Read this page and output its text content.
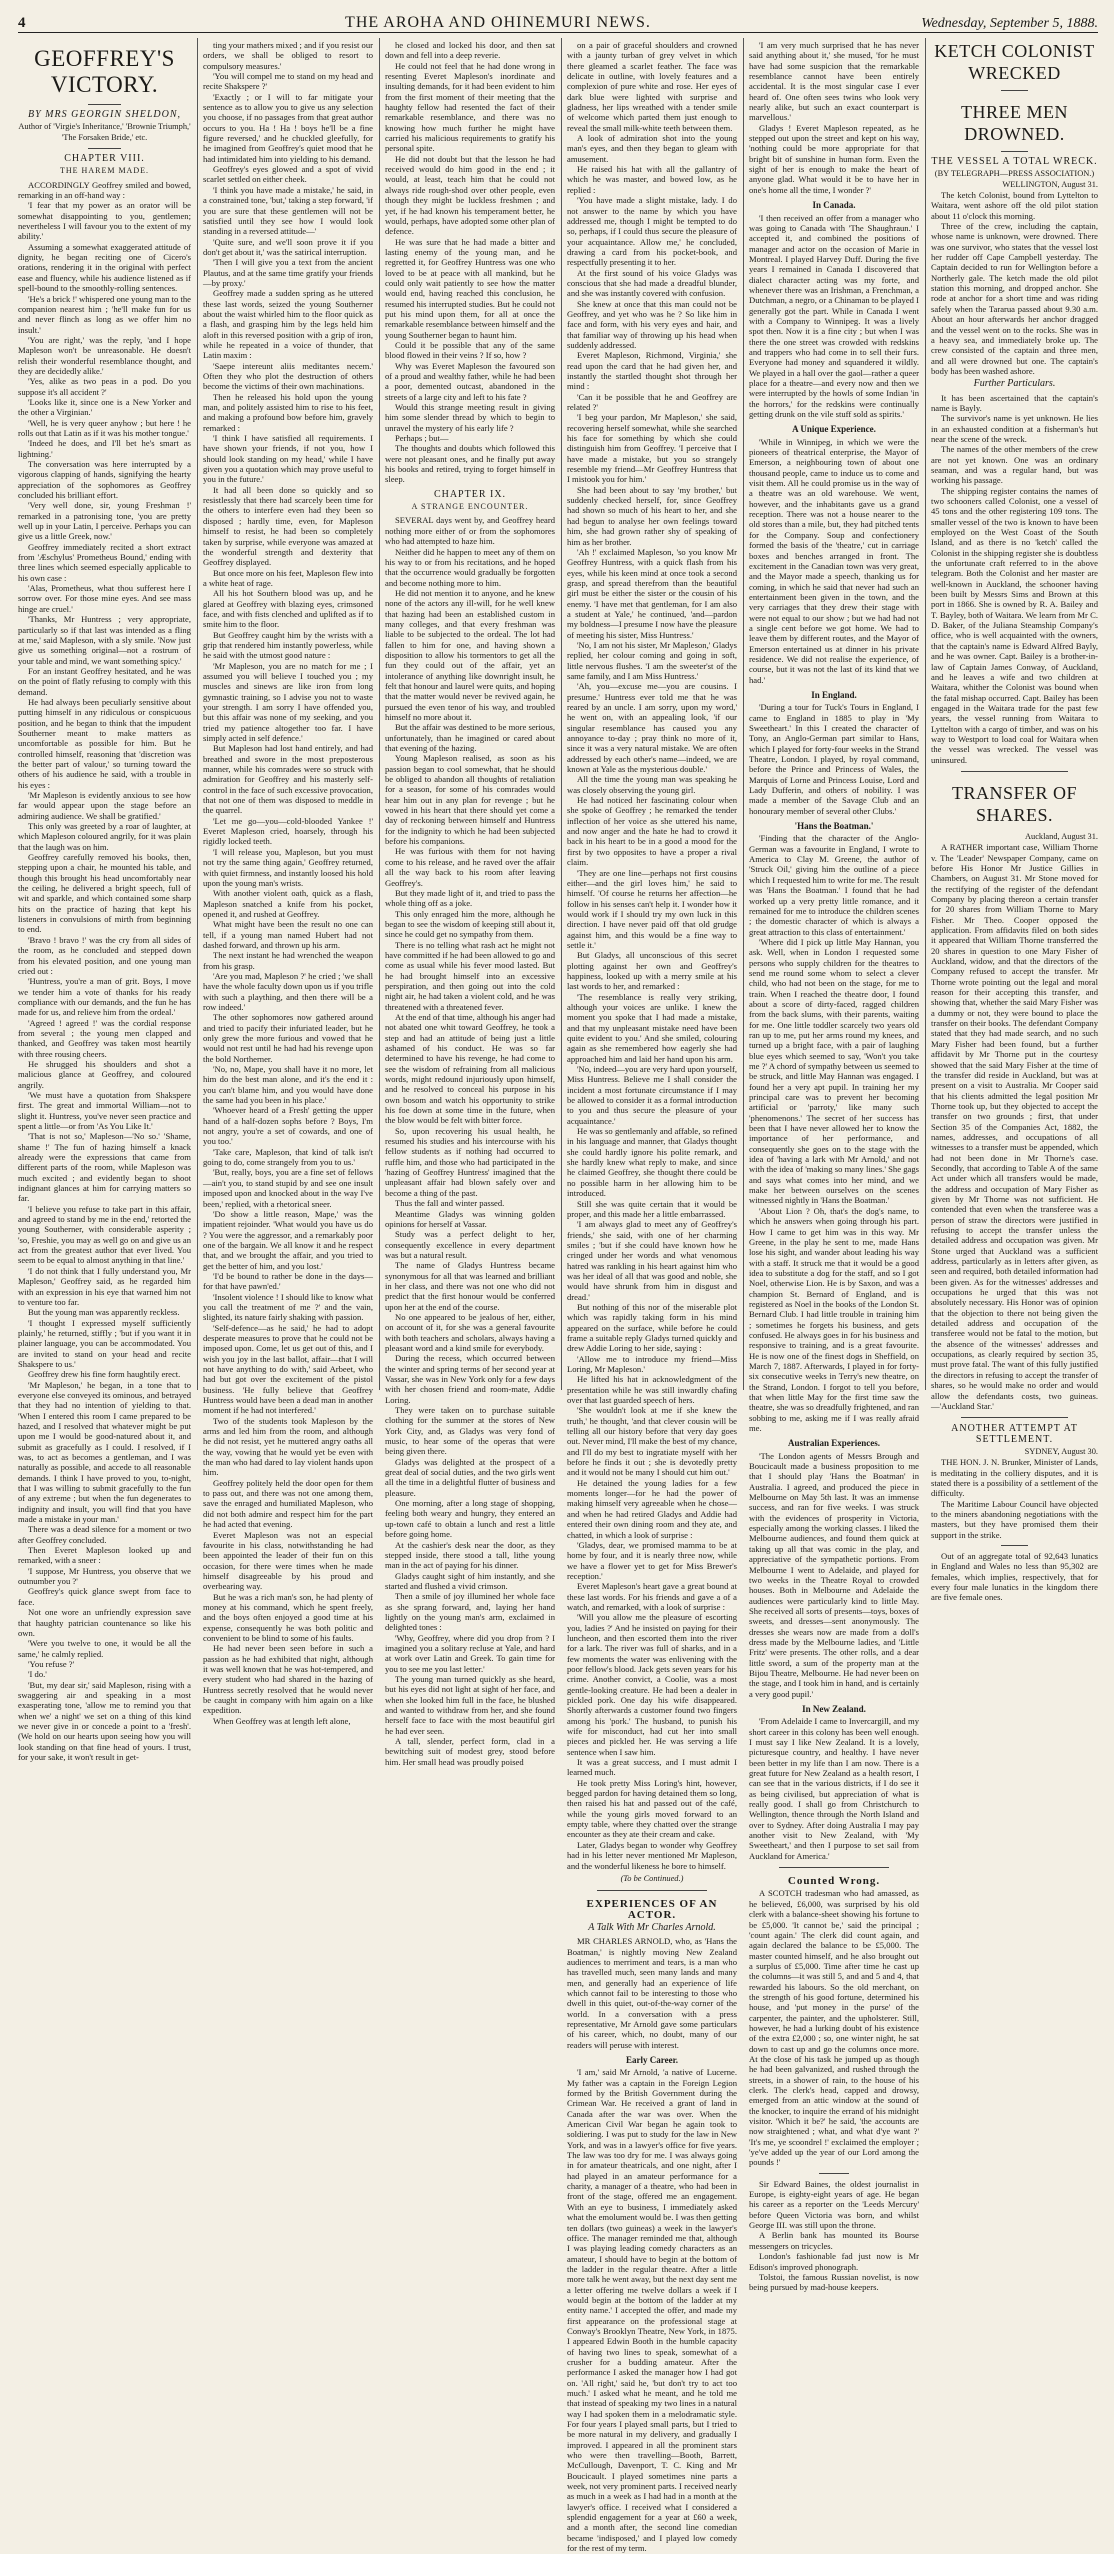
4	THE AROHA AND OHINEMURI NEWS.	Wednesday, September 5, 1888.
GEOFFREY'S VICTORY.
BY MRS GEORGIN SHELDON,

Author of 'Virgie's Inheritance,' 'Brownie Triumph,' 'The Forsaken Bride,' etc.

CHAPTER VIII.
THE HAREM MADE.

ACCORDINGLY Geoffrey smiled and bowed, remarking in an off-hand way :

'I fear that my power as an orator will be somewhat disappointing to you, gentlemen; nevertheless I will favour you to the extent of my ability.'

Assuming a somewhat exaggerated attitude of dignity, he began reciting one of Cicero's orations, rendering it in the original with perfect ease and fluency, while his audience listened as if spell-bound to the smoothly-rolling sentences.

'He's a brick !' whispered one young man to the companion nearest him ; 'he'll make fun for us and never flinch as long as we offer him no insult.'

'You are right,' was the reply, 'and I hope Mapleson won't be unreasonable. He doesn't relish their wonderful resemblance thought, and they are decidedly alike.'

'Yes, alike as two peas in a pod. Do you suppose it's all accident ?'

'Looks like it, since one is a New Yorker and the other a Virginian.'

'Well, he is very queer anyhow ; but here ! he rolls out that Latin as if it was his mother tongue.'

'Indeed he does, and I'll bet he's smart as lightning.'

The conversation was here interrupted by a vigorous clapping of hands, signifying the hearty appreciation of the sophomores as Geoffrey concluded his brilliant effort.

'Very well done, sir, young Freshman !' remarked in a patronising tone, 'you are pretty well up in your Latin, I perceive. Perhaps you can give us a little Greek, now.'

Geoffrey immediately recited a short extract from 'Æschylus' Prometheus Bound,' ending with three lines which seemed especially applicable to his own case :

'Alas, Prometheus, what thou sufferest here I sorrow over. For those mine eyes. And see mass hinge are cruel.'

'Thanks, Mr Huntress ; very appropriate, particularly so if that last was intended as a fling at me,' said Mapleson, with a sly smile. 'Now just give us something original—not a rostrum of your table and mind, we want something spicy.'

For an instant Geoffrey hesitated, and he was on the point of flatly refusing to comply with this demand.

He had always been peculiarly sensitive about putting himself in any ridiculous or conspicuous position, and he began to think that the impudent Southerner meant to make matters as uncomfortable as possible for him. But he controlled himself, reasoning that 'discretion was the better part of valour,' so turning toward the others of his audience he said, with a trouble in his eyes :

'Mr Mapleson is evidently anxious to see how far would appear upon the stage before an admiring audience. We shall be gratified.'

This only was greeted by a roar of laughter, at which Mapleson coloured angrily, for it was plain that the laugh was on him.

Geoffrey carefully removed his books, then, stepping upon a chair, he mounted his table, and though this brought his head uncomfortably near the ceiling, he delivered a bright speech, full of wit and sparkle, and which contained some sharp hits on the practice of hazing that kept his listeners in convulsions of mirth from beginning to end.

'Bravo ! bravo !' was the cry from all sides of the room, as he concluded and stepped down from his elevated position, and one young man cried out :

'Huntress, you're a man of grit. Boys, I move we tender him a vote of thanks for his ready compliance with our demands, and the fun he has made for us, and relieve him from the ordeal.'

'Agreed ! agreed !' was the cordial response from several ; the young men clapped and thanked, and Geoffrey was taken most heartily with three rousing cheers.

He shrugged his shoulders and shot a malicious glance at Geoffrey, and coloured angrily.

'We must have a quotation from Shakspere first. The great and immortal William—not to slight it. Huntress, you've never seen practice and spent a little—or from 'As You Like It.'

'That is not so,' Mapleson—'No so.' 'Shame, shame !' The fun of hazing himself a knack already were the expressions that came from different parts of the room, while Mapleson was much excited ; and evidently began to shoot indignant glances at him for carrying matters so far.

'I believe you refuse to take part in this affair, and agreed to stand by me in the end,' retorted the young Southerner, with considerable asperity ; 'so, Freshie, you may as well go on and give us an act from the greatest author that ever lived. You seem to be equal to almost anything in that line.'

'I do not think that I fully understand you, Mr Mapleson,' Geoffrey said, as he regarded him with an expression in his eye that warned him not to venture too far.

But the young man was apparently reckless.

'I thought I expressed myself sufficiently plainly,' he returned, stiffly ; 'but if you want it in plainer language, you can be accommodated. You are invited to stand on your head and recite Shakspere to us.'

Geoffrey drew his fine form haughtily erect.

'Mr Mapleson,' he began, in a tone that to everyone else conveyed its ominous, and betrayed that they had no intention of yielding to that. 'When I entered this room I came prepared to be hazed, and I resolved that whatever might be put upon me I would be good-natured about it, and submit as gracefully as I could. I resolved, if I was, to act as becomes a gentleman, and I was naturally as possible, and accede to all reasonable demands. I think I have proved to you, to-night, that I was willing to submit gracefully to the fun of any extreme ; but when the fun degenerates to indignity and insult, you will find that you have made a mistake in your man.'

There was a dead silence for a moment or two after Geoffrey concluded.

Then Everet Mapleson looked up and remarked, with a sneer :

'I suppose, Mr Huntress, you observe that we outnumber you ?'

Geoffrey's quick glance swept from face to face.

Not one wore an unfriendly expression save that haughty patrician countenance so like his own.

'Were you twelve to one, it would be all the same,' he calmly replied.

'You refuse ?'

'I do.'

'But, my dear sir,' said Mapleson, rising with a swaggering air and speaking in a most exasperating tone, 'allow me to remind you that when we' a night' we set on a thing of this kind we never give in or concede a point to a 'fresh'. (We hold on our hearts upon seeing how you will look standing on that fine head of yours. I trust, for your sake, it won't result in get-

ting your mathers mixed ; and if you resist our orders, we shall be obliged to resort to compulsory measures.'

'You will compel me to stand on my head and recite Shakspere ?'

'Exactly ; or I will to far mitigate your sentence as to allow you to give us any selection you choose, if no passages from that great author occurs to you. Ha ! Ha ! boys he'll be a fine figure reversed,' and he chuckled gleefully, for he imagined from Geoffrey's quiet mood that he had intimidated him into yielding to his demand.

Geoffrey's eyes glowed and a spot of vivid scarlet settled on either cheek.

'I think you have made a mistake,' he said, in a constrained tone, 'but,' taking a step forward, 'if you are sure that these gentlemen will not be satisfied until they see how I would look standing in a reversed attitude—'

'Quite sure, and we'll soon prove it if you don't get about it,' was the satirical interruption.

'Then I will give you a text from the ancient Plautus, and at the same time gratify your friends—by proxy.'

Geoffrey made a sudden spring as he uttered these last words, seized the young Southerner about the waist whirled him to the floor quick as a flash, and grasping him by the legs held him aloft in this reversed position with a grip of iron, while he repeated in a voice of thunder, that Latin maxim :

'Saepe intereunt aliis meditantes necem.' Often they who plot the destruction of others become the victims of their own machinations.

Then he released his hold upon the young man, and politely assisted him to rise to his feet, and making a profound bow before him, gravely remarked :

'I think I have satisfied all requirements. I have shown your friends, if not you, how I should look standing on my head,' while I have given you a quotation which may prove useful to you in the future.'

It had all been done so quickly and so resistlessly that there had scarcely been time for the others to interfere even had they been so disposed ; hardly time, even, for Mapleson himself to resist, he had been so completely taken by surprise, while everyone was amazed at the wonderful strength and dexterity that Geoffrey displayed.

But once more on his feet, Mapleson flew into a white heat of rage.

All his hot Southern blood was up, and he glared at Geoffrey with blazing eyes, crimsoned face, and with fists clenched and uplifted as if to smite him to the floor.

But Geoffrey caught him by the wrists with a grip that rendered him instantly powerless, while he said with the utmost good nature :

'Mr Mapleson, you are no match for me ; I assumed you will believe I touched you ; my muscles and sinews are like iron from long gymnastic training, so I advise you not to waste your strength. I am sorry I have offended you, but this affair was none of my seeking, and you tried my patience altogether too far. I have simply acted in self defence.'

But Mapleson had lost hand entirely, and had breathed and swore in the most preposterous manner, while his comrades were so struck with admiration for Geoffrey and his masterly self-control in the face of such excessive provocation, that not one of them was disposed to meddle in the quarrel.

'Let me go—you—cold-blooded Yankee !' Everet Mapleson cried, hoarsely, through his rigidly locked teeth.

'I will release you, Mapleson, but you must not try the same thing again,' Geoffrey returned, with quiet firmness, and instantly loosed his hold upon the young man's wrists.

With another violent oath, quick as a flash, Mapleson snatched a knife from his pocket, opened it, and rushed at Geoffrey.

What might have been the result no one can tell, if a young man named Hubert had not dashed forward, and thrown up his arm.

The next instant he had wrenched the weapon from his grasp.

'Are you mad, Mapleson ?' he cried ; 'we shall have the whole faculty down upon us if you trifle with such a plaything, and then there will be a row indeed.'

The other sophomores now gathered around and tried to pacify their infuriated leader, but he only grew the more furious and vowed that he would not rest until he had had his revenge upon the bold Northerner.

'No, no, Mape, you shall have it no more, let him do the best man alone, and it's the end it : you can't blame him, and you would have done the same had you been in his place.'

'Whoever heard of a Fresh' getting the upper hand of a half-dozen sophs before ? Boys, I'm not angry, you're a set of cowards, and one of you too.'

'Take care, Mapleson, that kind of talk isn't going to do, come strangely from you to us.'

'But, really, boys, you are a fine set of fellows—ain't you, to stand stupid by and see one insult imposed upon and knocked about in the way I've been,' replied, with a rhetorical sneer.

'Do show a little reason, Mape,' was the impatient rejoinder. 'What would you have us do ? You were the aggressor, and a remarkably poor one of the bargain. We all know it and he respect that, and we brought the affair, and you tried to get the better of him, and you lost.'

'I'd be bound to rather be done in the days—for that have pawn'ed.'

'Insolent violence ! I should like to know what you call the treatment of me ?' and the vain, slighted, its nature fairly shaking with passion.

'Self-defence—as he said,' he had to adopt desperate measures to prove that he could not be imposed upon. Come, let us get out of this, and I wish you joy in the last ballot, affair—that I will not have anything to do with,' said Arbeet, who had but got over the excitement of the pistol business. 'He fully believe that Geoffrey Huntress would have been a dead man in another moment if he had not interfered.'

Two of the students took Mapleson by the arms and led him from the room, and although he did not resist, yet he muttered angry oaths all the way, vowing that he would yet be even with the man who had dared to lay violent hands upon him.

Geoffrey politely held the door open for them to pass out, and there was not one among them, save the enraged and humiliated Mapleson, who did not both admire and respect him for the part he had acted that evening.

Everet Mapleson was not an especial favourite in his class, notwithstanding he had been appointed the leader of their fun on this occasion, for there were times when he made himself disagreeable by his proud and overbearing way.

But he was a rich man's son, he had plenty of money at his command, which he spent freely, and the boys often enjoyed a good time at his expense, consequently he was both politic and convenient to be blind to some of his faults.

He had never been seen before in such a passion as he had exhibited that night, although it was well known that he was hot-tempered, and every student who had shared in the hazing of Huntress secretly resolved that he would never be caught in company with him again on a like expedition.

When Geoffrey was at length left alone,

he closed and locked his door, and then sat down and fell into a deep reverie.

He could not feel that he had done wrong in resenting Everet Mapleson's inordinate and insulting demands, for it had been evident to him from the first moment of their meeting that the haughty fellow had resented the fact of their remarkable resemblance, and there was no knowing how much further he might have carried his malicious requirements to gratify his personal spite.

He did not doubt but that the lesson he had received would do him good in the end ; it would, at least, teach him that he could not always ride rough-shod over other people, even though they might be luckless freshmen ; and yet, if he had known his temperament better, he would, perhaps, have adopted some other plan of defence.

He was sure that he had made a bitter and lasting enemy of the young man, and he regretted it, for Geoffrey Huntress was one who loved to be at peace with all mankind, but he could only wait patiently to see how the matter would end, having reached this conclusion, he resumed his interrupted studies. But he could not put his mind upon them, for all at once the remarkable resemblance between himself and the young Southerner began to haunt him.

Could it be possible that any of the same blood flowed in their veins ? If so, how ?

Why was Everet Mapleson the favoured son of a proud and wealthy father, while he had been a poor, demented outcast, abandoned in the streets of a large city and left to his fate ?

Would this strange meeting result in giving him some slender thread by which to begin to unravel the mystery of his early life ?

Perhaps ; but—

The thoughts and doubts which followed this were not pleasant ones, and he finally put away his books and retired, trying to forget himself in sleep.

CHAPTER IX.
A STRANGE ENCOUNTER.

SEVERAL days went by, and Geoffrey heard nothing more either of or from the sophomores who had attempted to haze him.

Neither did he happen to meet any of them on his way to or from his recitations, and he hoped that the occurrence would gradually be forgotten and become nothing more to him.

He did not mention it to anyone, and he knew none of the actors any ill-will, for he well knew that hazing had been an established custom in many colleges, and that every freshman was liable to be subjected to the ordeal. The lot had fallen to him for one, and having shown a disposition to allow his tormentors to get all the fun they could out of the affair, yet an intolerance of anything like downright insult, he felt that honour and laurel were quits, and hoping that the matter would never be revived again, he pursued the even tenor of his way, and troubled himself no more about it.

But the affair was destined to be more serious, unfortunately, than he imagined or cared about that evening of the hazing.

Young Mapleson realised, as soon as his passion began to cool somewhat, that he should be obliged to abandon all thoughts of retaliation for a season, for some of his comrades would hear him out in any plan for revenge ; but he vowed in his heart that there should yet come a day of reckoning between himself and Huntress for the indignity to which he had been subjected before his companions.

He was furious with them for not having come to his release, and he raved over the affair all the way back to his room after leaving Geoffrey's.

But they made light of it, and tried to pass the whole thing off as a joke.

This only enraged him the more, although he began to see the wisdom of keeping still about it, since he could get no sympathy from them.

There is no telling what rash act he might not have committed if he had been allowed to go and come as usual while his fever mood lasted. But he had brought himself into an excessive perspiration, and then going out into the cold night air, he had taken a violent cold, and he was threatened with a threatened fever.

At the end of that time, although his anger had not abated one whit toward Geoffrey, he took a step and had an attitude of being just a little ashamed of his conduct. He was so far determined to have his revenge, he had come to see the wisdom of refraining from all malicious words, might redound injuriously upon himself, and he resolved to conceal his purpose in his own bosom and watch his opportunity to strike his foe down at some time in the future, when the blow would be felt with bitter force.

So, upon recovering his usual health, he resumed his studies and his intercourse with his fellow students as if nothing had occurred to ruffle him, and those who had participated in the 'hazing of Geoffrey Huntress' imagined that the unpleasant affair had blown safely over and become a thing of the past.

Thus the fall and winter passed.

Meantime Gladys was winning golden opinions for herself at Vassar.

Study was a perfect delight to her, consequently excellence in every department was but a natural result.

The name of Gladys Huntress became synonymous for all that was learned and brilliant in her class, and there was not one who did not predict that the first honour would be conferred upon her at the end of the course.

No one appeared to be jealous of her, either, on account of it, for she was a general favourite with both teachers and scholars, always having a pleasant word and a kind smile for everybody.

During the recess, which occurred between the winter and spring terms of her second year at Vassar, she was in New York only for a few days with her chosen friend and room-mate, Addie Loring.

They were taken on to purchase suitable clothing for the summer at the stores of New York City, and, as Gladys was very fond of music, to hear some of the operas that were being given there.

Gladys was delighted at the prospect of a great deal of social duties, and the two girls went all the time in a delightful flutter of business and pleasure.

One morning, after a long stage of shopping, feeling both weary and hungry, they entered an up-town café to obtain a lunch and rest a little before going home.

At the cashier's desk near the door, as they stepped inside, there stood a tall, lithe young man in the act of paying for his dinner.

Gladys caught sight of him instantly, and she started and flushed a vivid crimson.

Then a smile of joy illumined her whole face as she sprang forward, and, laying her hand lightly on the young man's arm, exclaimed in delighted tones :

'Why, Geoffrey, where did you drop from ? I imagined you a solitary recluse at Yale, and hard at work over Latin and Greek. To gain time for you to see me you last letter.'

The young man turned quickly as she heard, but his eyes did not light at sight of her face, and when she looked him full in the face, he blushed and wanted to withdraw from her, and she found herself face to face with the most beautiful girl he had ever seen.

A tall, slender, perfect form, clad in a bewitching suit of modest grey, stood before him. Her small head was proudly poised

on a pair of graceful shoulders and crowned with a jaunty turban of grey velvet in which there gleamed a scarlet feather. The face was delicate in outline, with lovely features and a complexion of pure white and rose. Her eyes of dark blue were lighted with surprise and gladness, her lips wreathed with a tender smile of welcome which parted them just enough to reveal the small milk-white teeth between them.

A look of admiration shot into the young man's eyes, and then they began to gleam with amusement.

He raised his hat with all the gallantry of which he was master, and bowed low, as he replied :

'You have made a slight mistake, lady. I do not answer to the name by which you have addressed me, though I might be tempted to do so, perhaps, if I could thus secure the pleasure of your acquaintance. Allow me,' he concluded, drawing a card from his pocket-book, and respectfully presenting it to her.

At the first sound of his voice Gladys was conscious that she had made a dreadful blunder, and she was instantly covered with confusion.

She knew at once that this man could not be Geoffrey, and yet who was he ? So like him in face and form, with his very eyes and hair, and that familiar way of throwing up his head when suddenly addressed.

Everet Mapleson, Richmond, Virginia,' she read upon the card that he had given her, and instantly the startled thought shot through her mind :

'Can it be possible that he and Geoffrey are related ?'

'I beg your pardon, Mr Mapleson,' she said, recovering herself somewhat, while she searched his face for something by which she could distinguish him from Geoffrey. 'I perceive that I have made a mistake, but you so strangely resemble my friend—Mr Geoffrey Huntress that I mistook you for him.'

She had been about to say 'my brother,' but suddenly checked herself, for, since Geoffrey had shown so much of his heart to her, and she had begun to analyse her own feelings toward him, she had grown rather shy of speaking of him as her brother.

'Ah !' exclaimed Mapleson, 'so you know Mr Geoffrey Huntress, with a quick flash from his eyes, while his keen mind at once took a second grasp, and spread therefrom than the beautiful girl must be either the sister or the cousin of his enemy. 'I have met that gentleman, for I am also a student at Yale,' he continued, 'and—pardon my boldness—I presume I now have the pleasure of meeting his sister, Miss Huntress.'

'No, I am not his sister, Mr Mapleson,' Gladys replied, her colour coming and going in soft, little nervous flushes. 'I am the sweeter'st of the same family, and I am Miss Huntress.'

'Ah, you—excuse me—you are cousins. I presume.' Huntress ever told me that he was reared by an uncle. I am sorry, upon my word,' he went on, with an appealing look, 'if our singular resemblance has caused you any annoyance to-day ; pray think no more of it, since it was a very natural mistake. We are often addressed by each other's name—indeed, we are known at Yale as the mysterious double.'

All the time the young man was speaking he was closely observing the young girl.

He had noticed her fascinating colour when she spoke of Geoffrey ; he remarked the tender inflection of her voice as she uttered his name, and now anger and the hate he had to crowd it back in his heart to be in a good a mood for the first by two opposites to have a proper a rival claim.

'They are one line—perhaps not first cousins either—and the girl loves him,' he said to himself. 'Of course he returns her affection—he follow in his senses can't help it. I wonder how it would work if I should try my own luck in this direction. I have never paid off that old grudge against him, and this would be a fine way to settle it.'

But Gladys, all unconscious of this secret plotting against her own and Geoffrey's happiness, looked up with a merry smile at his last words to her, and remarked :

'The resemblance is really very striking, although your voices are unlike. I knew the moment you spoke that I had made a mistake, and that my unpleasant mistake need have been quite evident to you.' And she smiled, colouring again as she remembered how eagerly she had approached him and laid her hand upon his arm.

'No, indeed—you are very hard upon yourself, Miss Huntress. Believe me I shall consider the incident a most fortunate circumstance if I may be allowed to consider it as a formal introduction to you and thus secure the pleasure of your acquaintance.'

He was so gentlemanly and affable, so refined in his language and manner, that Gladys thought she could hardly ignore his polite remark, and she hardly knew what reply to make, and since he claimed Geoffrey, she thought there could be no possible harm in her allowing him to be introduced.

Still she was quite certain that it would be proper, and this made her a little embarrassed.

'I am always glad to meet any of Geoffrey's friends,' she said, with one of her charming smiles ; 'but if she could have known how he cringed under her words and what venomous hatred was rankling in his heart against him who was her ideal of all that was good and noble, she would have shrunk from him in disgust and dread.'

But nothing of this nor of the miserable plot which was rapidly taking form in his mind appeared on the surface, while before he could frame a suitable reply Gladys turned quickly and drew Addie Loring to her side, saying :

'Allow me to introduce my friend—Miss Loring, Mr Mapleson.'

He lifted his hat in acknowledgment of the presentation while he was still inwardly chafing over that last guarded speech of hers.

'She wouldn't look at me if she knew the truth,' he thought, 'and that clever cousin will be telling all our history before that very day goes out. Never mind, I'll make the best of my chance, and I'll do my best to ingratiate myself with her before he finds it out ; she is devotedly pretty and it would not be many I should cut him out.'

He detained the young ladies for a few moments longer—for he had the power of making himself very agreeable when he chose—and when he had retired Gladys and Addie had entered their own dining room and they ate, and chatted, in which a look of surprise :

'Gladys, dear, we promised mamma to be at home by four, and it is nearly three now, while we have a flower yet to get for Miss Brewer's reception.'

Everet Mapleson's heart gave a great bound at these last words. For his friends and gave a of a watch, and remarked, with a look of surprise :

'Will you allow me the pleasure of escorting you, ladies ?' And he insisted on paying for their luncheon, and then escorted them into the river for a lark. The river was full of sharks, and in a few moments the water was enlivening with the poor fellow's blood. Jack gets seven years for his crime. Another convict, a Coolie, was a most gentle-looking creature. He had been a dealer in pickled pork. One day his wife disappeared. Shortly afterwards a customer found two fingers among his 'pork.' The husband, to punish his wife for misconduct, had cut her into small pieces and pickled her. He was serving a life sentence when I saw him.

It was a great success, and I must admit I learned much.

He took pretty Miss Loring's hint, however, begged pardon for having detained them so long, then raised his hat and passed out of the café, while the young girls moved forward to an empty table, where they chatted over the strange encounter as they ate their cream and cake.

Later, Gladys began to wonder why Geoffrey had in his letter never mentioned Mr Mapleson, and the wonderful likeness he bore to himself.

(To be Continued.)
EXPERIENCES OF AN ACTOR.
A Talk With Mr Charles Arnold.

MR CHARLES ARNOLD, who, as 'Hans the Boatman,' is nightly moving New Zealand audiences to merriment and tears, is a man who has travelled much, seen many lands and many men, and generally had an experience of life which cannot fail to be interesting to those who dwell in this quiet, out-of-the-way corner of the world. In a conversation with a press representative, Mr Arnold gave some particulars of his career, which, no doubt, many of our readers will peruse with interest.

Early Career.

'I am,' said Mr Arnold, 'a native of Lucerne. My father was a captain in the Foreign Legion formed by the British Government during the Crimean War. He received a grant of land in Canada after the war was over. When the American Civil War began he again took to soldiering. I was put to study for the law in New York, and was in a lawyer's office for five years. The law was too dry for me. I was always going in for amateur theatricals, and one night, after I had played in an amateur performance for a charity, a manager of a theatre, who had been in front of the stage, offered me an engagement. With an eye to business, I immediately asked what the emolument would be. I was then getting ten dollars (two guineas) a week in the lawyer's office. The manager reminded me that, although I was playing leading comedy characters as an amateur, I should have to begin at the bottom of the ladder in the regular theatre. After a little more talk he went away, but the next day sent me a letter offering me twelve dollars a week if I would begin at the bottom of the ladder at my entity name.' I accepted the offer, and made my first appearance on the professional stage at Conway's Brooklyn Theatre, New York, in 1875. I appeared Edwin Booth in the humble capacity of having two lines to speak, somewhat of a crusher for a budding amateur. After the performance I asked the manager how I had got on. 'All right,' said he, 'but don't try to act too much.' I asked what he meant, and he told me that instead of speaking my two lines in a natural way I had spoken them in a melodramatic style. For four years I played small parts, but I tried to be more natural in my delivery, and gradually I improved. I appeared in all the prominent stars who were then travelling—Booth, Barrett, McCullough, Davenport, T. C. King and Mr Boucicault. I played sometimes nine parts a week, not very prominent parts. I received nearly as much in a week as I had had in a month at the lawyer's office. I received what I considered a splendid engagement for a year at £60 a week, and a month after, the second line comedian became 'indisposed,' and I played low comedy for the rest of my term.

'I am very much surprised that he has never said anything about it,' she mused, 'for he must have had some suspicion that the remarkable resemblance cannot have been entirely accidental. It is the most singular case I ever heard of. One often sees twins who look very nearly alike, but such an exact counterpart is marvellous.'

Gladys ! Everet Mapleson repeated, as he stepped out upon the street and kept on his way, 'nothing could be more appropriate for that bright bit of sunshine in human form. Even the sight of her is enough to make the heart of anyone glad. What would it be to have her in one's home all the time, I wonder ?'

In Canada.

'I then received an offer from a manager who was going to Canada with 'The Shaughraun.' I accepted it, and combined the positions of manager and actor on the occasion of Marie in Montreal. I played Harvey Duff. During the five years I remained in Canada I discovered that dialect character acting was my forte, and whenever there was an Irishman, a Frenchman, a Dutchman, a negro, or a Chinaman to be played I generally got the part. While in Canada I went with a Company to Winnipeg. It was a lively spot then. Now it is a fine city ; but when I was there the one street was crowded with redskins and trappers who had come in to sell their furs. Everyone had money and squandered it wildly. We played in a hall over the gaol—rather a queer place for a theatre—and every now and then we were interrupted by the howls of some Indian 'in the horrors,' for the redskins were continually getting drunk on the vile stuff sold as spirits.'

A Unique Experience.

'While in Winnipeg, in which we were the pioneers of theatrical enterprise, the Mayor of Emerson, a neighbouring town of about one thousand people, came to induce us to come and visit them. All he could promise us in the way of a theatre was an old warehouse. We went, however, and the inhabitants gave us a grand reception. There was not a house nearer to the old stores than a mile, but, they had pitched tents for the Company. Soup and confectionery formed the basis of the 'theatre,' cut in carriage boxes and benches arranged in front. The excitement in the Canadian town was very great, and the Mayor made a speech, thanking us for coming, in which he said that never had such an entertainment been given in the town, and the very carriages that they drew their stage with were not equal to our show ; but we had had not a single cent before we got home. We had to leave them by different routes, and the Mayor of Emerson entertained us at dinner in his private residence. We did not realise the experience, of course, but it was not the last of its kind that we had.'

In England.

'During a tour for Tuck's Tours in England, I came to England in 1885 to play in 'My Sweetheart.' In this I created the character of Tony, an Anglo-German part similar to Hans, which I played for forty-four weeks in the Strand Theatre, London. I played, by royal command, before the Prince and Princess of Wales, the Marquis of Lorne and Princess Louise, Lord and Lady Dufferin, and others of nobility. I was made a member of the Savage Club and an honourary member of several other Clubs.'

'Hans the Boatman.'

'Finding that the character of the Anglo-German was a favourite in England, I wrote to America to Clay M. Greene, the author of 'Struck Oil,' giving him the outline of a piece which I requested him to write for me. The result was 'Hans the Boatman.' I found that he had worked up a very pretty little romance, and it remained for me to introduce the children scenes ; the domestic character of which is always a great attraction to this class of entertainment.'

'Where did I pick up little May Hannan, you ask. Well, when in London I requested some persons who supply children for the theatres to send me round some whom to select a clever child, who had not been on the stage, for me to train. When I reached the theatre door, I found about a score of dirty-faced, ragged children from the back slums, with their parents, waiting for me. One little toddler scarcely two years old ran up to me, put her arms round my knees, and turned up a bright face, with a pair of laughing blue eyes which seemed to say, 'Won't you take me ?' A chord of sympathy between us seemed to be struck, and little May Hannan was engaged. I found her a very apt pupil. In training her my principal care was to prevent her becoming artificial or 'parroty,' like many such 'phenomenons.' The secret of her success has been that I have never allowed her to know the importance of her performance, and consequently she goes on to the stage with the idea of 'having a lark with Mr Arnold,' and not with the idea of 'making so many lines.' She gags and says what comes into her mind, and we make her between ourselves on the scenes witnessed nightly in 'Hans the Boatman.'

'About Lion ? Oh, that's the dog's name, to which he answers when going through his part. How I came to get him was in this way. Mr Greene, in the play he sent to me, made Hans lose his sight, and wander about leading his way with a staff. It struck me that it would be a good idea to substitute a dog for the staff, and so I got Noel, otherwise Lion. He is by Saxon, and was a champion St. Bernard of England, and is registered as Noel in the books of the London St. Bernard Club. I had little trouble in training him ; sometimes he forgets his business, and gets confused. He always goes in for his business and responsive to training, and is a great favourite. He is now one of the finest dogs in Sheffield, on March 7, 1887. Afterwards, I played in for forty-six consecutive weeks in Terry's new theatre, on the Strand, London. I forgot to tell you before, that when little May for the first time saw the theatre, she was so dreadfully frightened, and ran sobbing to me, asking me if I was really afraid me.

Australian Experiences.

'The London agents of Messrs Brough and Boucicault made a business proposition to me that I should play 'Hans the Boatman' in Australia. I agreed, and produced the piece in Melbourne on May 5th last. It was an immense success, and ran for five weeks. I was struck with the evidences of prosperity in Victoria, especially among the working classes. I liked the Melbourne audiences, and found them quick at taking up all that was comic in the play, and appreciative of the sympathetic portions. From Melbourne I went to Adelaide, and played for two weeks in the Theatre Royal to crowded houses. Both in Melbourne and Adelaide the audiences were particularly kind to little May. She received all sorts of presents—toys, boxes of sweets, and dresses—sent anonymously. The dresses she wears now are made from a doll's dress made by the Melbourne ladies, and 'Little Fritz' were presents. The other rolls, and a dear little sword, a sum of the property man at the Bijou Theatre, Melbourne. He had never been on the stage, and I took him in hand, and is certainly a very good pupil.'

In New Zealand.

'From Adelaide I came to Invercargill, and my short career in this colony has been well enough. I must say I like New Zealand. It is a lovely, picturesque country, and healthy. I have never been better in my life than I am now. There is a great future for New Zealand as a health resort, I can see that in the various districts, if I do see it as being civilised, but appreciation of what is really good. I shall go from Christchurch to Wellington, thence through the North Island and over to Sydney. After doing Australia I may pay another visit to New Zealand, with 'My Sweetheart,' and then I purpose to set sail from Auckland for America.'

Counted Wrong.

A SCOTCH tradesman who had amassed, as he believed, £6,000, was surprised by his old clerk with a balance-sheet showing his fortune to be £5,000. 'It cannot be,' said the principal ; 'count again.' The clerk did count again, and again declared the balance to be £5,000. The master counted himself, and he also brought out a surplus of £5,000. Time after time he cast up the columns—it was still 5, and and 5 and 4, that rewarded his labours. So the old merchant, on the strength of his good fortune, determined his house, and 'put money in the purse' of the carpenter, the painter, and the upholsterer. Still, however, he had a lurking doubt of his existence of the extra £2,000 ; so, one winter night, he sat down to cast up and go the columns once more. At the close of his task he jumped up as though he had been galvanized, and rushed through the streets, in a shower of rain, to the house of his clerk. The clerk's head, capped and drowsy, emerged from an attic window at the sound of the knocker, to inquire the errand of his midnight visitor. 'Which it be?' he said, 'the accounts are now straightened ; what, and what d'ye want ?' 'It's me, ye scoondrel !' exclaimed the employer ; 'ye've added up the year of our Lord among the pounds !'

Sir Edward Baines, the oldest journalist in Europe, is eighty-eight years of age. He began his career as a reporter on the 'Leeds Mercury' before Queen Victoria was born, and whilst George III. was still upon the throne.

A Berlin bank has mounted its Bourse messengers on tricycles.

London's fashionable fad just now is Mr Edison's improved phonograph.

Tolstoi, the famous Russian novelist, is now being pursued by mad-house keepers.

KETCH COLONIST WRECKED
THREE MEN DROWNED.
THE VESSEL A TOTAL WRECK.

(BY TELEGRAPH—PRESS ASSOCIATION.)

WELLINGTON, August 31.

The ketch Colonist, bound from Lyttelton to Waitara, went ashore off the old pilot station about 11 o'clock this morning.

Three of the crew, including the captain, whose name is unknown, were drowned. There was one survivor, who states that the vessel lost her rudder off Cape Campbell yesterday. The Captain decided to run for Wellington before a Northerly gale. The ketch made the old pilot station this morning, and dropped anchor. She rode at anchor for a short time and was riding safely when the Tararua passed about 9.30 a.m. About an hour afterwards her anchor dragged and the vessel went on to the rocks. She was in a heavy sea, and immediately broke up. The crew consisted of the captain and three men, and all were drowned but one. The captain's body has been washed ashore.

Further Particulars.

It has been ascertained that the captain's name is Bayly.

The survivor's name is yet unknown. He lies in an exhausted condition at a fisherman's hut near the scene of the wreck.

The names of the other members of the crew are not yet known. One was an ordinary seaman, and was a regular hand, but was working his passage.

The shipping register contains the names of two schooners called Colonist, one a vessel of 45 tons and the other registering 109 tons. The smaller vessel of the two is known to have been employed on the West Coast of the South Island, and as there is no 'ketch' called the Colonist in the shipping register she is doubtless the unfortunate craft referred to in the above telegram. Both the Colonist and her master are well-known in Auckland, the schooner having been built by Messrs Sims and Brown at this port in 1866. She is owned by R. A. Bailey and T. Bayley, both of Waitara. We learn from Mr C. D. Baker, of the Juliana Steamship Company's office, who is well acquainted with the owners, that the captain's name is Edward Alfred Bayly, and he was owner. Capt. Bailey is a brother-in-law of Captain James Conway, of Auckland, and he leaves a wife and two children at Waitara, whither the Colonist was bound when the fatal mishap occurred. Capt. Bailey has been engaged in the Waitara trade for the past few years, the vessel running from Waitara to Lyttelton with a cargo of timber, and was on his way to Westport to load coal for Waitara when the vessel was wrecked. The vessel was uninsured.

TRANSFER OF SHARES.

Auckland, August 31.

A RATHER important case, William Thorne v. The 'Leader' Newspaper Company, came on before His Honor Mr Justice Gillies in Chambers, on August 31. Mr Stone moved for the rectifying of the register of the defendant Company by placing thereon a certain transfer for 20 shares from William Thorne to Mary Fisher. Mr Theo. Cooper opposed the application. From affidavits filed on both sides it appeared that William Thorne transferred the 20 shares in question to one Mary Fisher of Auckland, widow, and that the directors of the Company refused to accept the transfer. Mr Thorne wrote pointing out the legal and moral reason for their accepting this transfer, and showing that, whether the said Mary Fisher was a dummy or not, they were bound to place the transfer on their books. The defendant Company stated that they had made search, and no such Mary Fisher had been found, but a further affidavit by Mr Thorne put in the courtesy showed that the said Mary Fisher at the time of the transfer did reside in Auckland, but was at present on a visit to Australia. Mr Cooper said that his clients admitted the legal position Mr Thorne took up, but they objected to accept the transfer on two grounds ; first, that under Section 35 of the Companies Act, 1882, the names, addresses, and occupations of all witnesses to a transfer must be appended, which had not been done in Mr Thorne's case. Secondly, that according to Table A of the same Act under which all transfers would be made, the address and occupation of Mary Fisher as given by Mr Thorne was not sufficient. He contended that even when the transferee was a person of straw the directors were justified in refusing to accept the transfer unless the detailed address and occupation was given. Mr Stone urged that Auckland was a sufficient address, particularly as in letters after given, as seen and required, both detailed information had been given. As for the witnesses' addresses and occupations he urged that this was not absolutely necessary. His Honor was of opinion that the objection to there not being given the detailed address and occupation of the transferee would not be fatal to the motion, but the absence of the witnesses' addresses and occupations, as clearly required by section 35, must prove fatal. The want of this fully justified the directors in refusing to accept the transfer of shares, so he would make no order and would allow the defendants costs, two guineas.—'Auckland Star.'

ANOTHER ATTEMPT AT SETTLEMENT.

SYDNEY, August 30.

THE HON. J. N. Brunker, Minister of Lands, is meditating in the colliery disputes, and it is stated there is a possibility of a settlement of the difficulty.

The Maritime Labour Council have objected to the miners abandoning negotiations with the masters, but they have promised them their support in the strike.

Out of an aggregate total of 92,643 lunatics in England and Wales no less than 95,302 are females, which implies, respectively, that for every four male lunatics in the kingdom there are five female ones.
